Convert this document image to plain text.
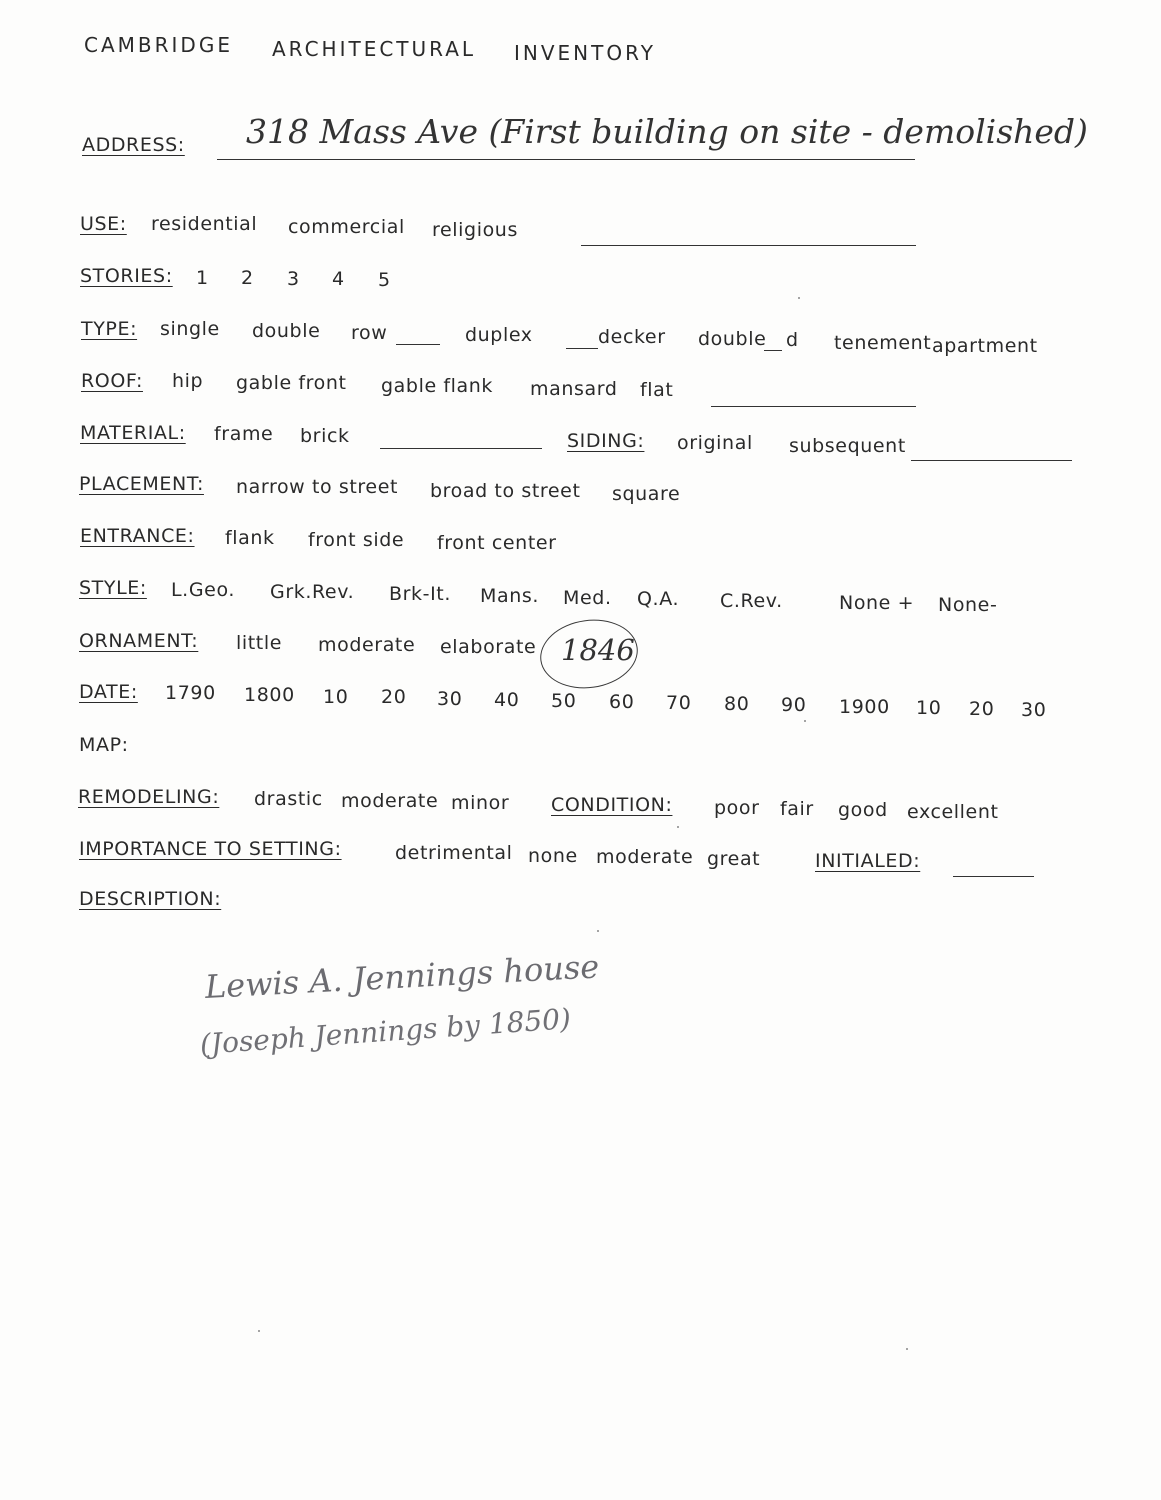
CAMBRIDGE ARCHITECTURAL INVENTORY
ADDRESS: 318 Mass Ave (First building on site - demolished)
USE: residential commercial religious
STORIES: 1 2 3 4 5
TYPE: single double row	duplex	decker double d tenement apartment
ROOF: hip gable front gable flank mansard flat
MATERIAL: frame brick	SIDING: original subsequent
PLACEMENT: narrow to street broad to street square
ENTRANCE: flank front side front center
STYLE: L.Geo. Grk.Rev. Brk-It. Mans. Med. Q.A. C.Rev.	None + None-
ORNAMENT: little moderate elaborate 1846
DATE: 1790 1800 10 20 30 40 50 60 70 80 90 1900 10 20 30
MAP:
REMODELING: drastic moderate minor CONDITION: poor fair good excellent
IMPORTANCE TO SETTING:	detrimental none moderate great	INITIALED:
DESCRIPTION:
Lewis A. Jennings house
(Joseph Jennings by 1850)
